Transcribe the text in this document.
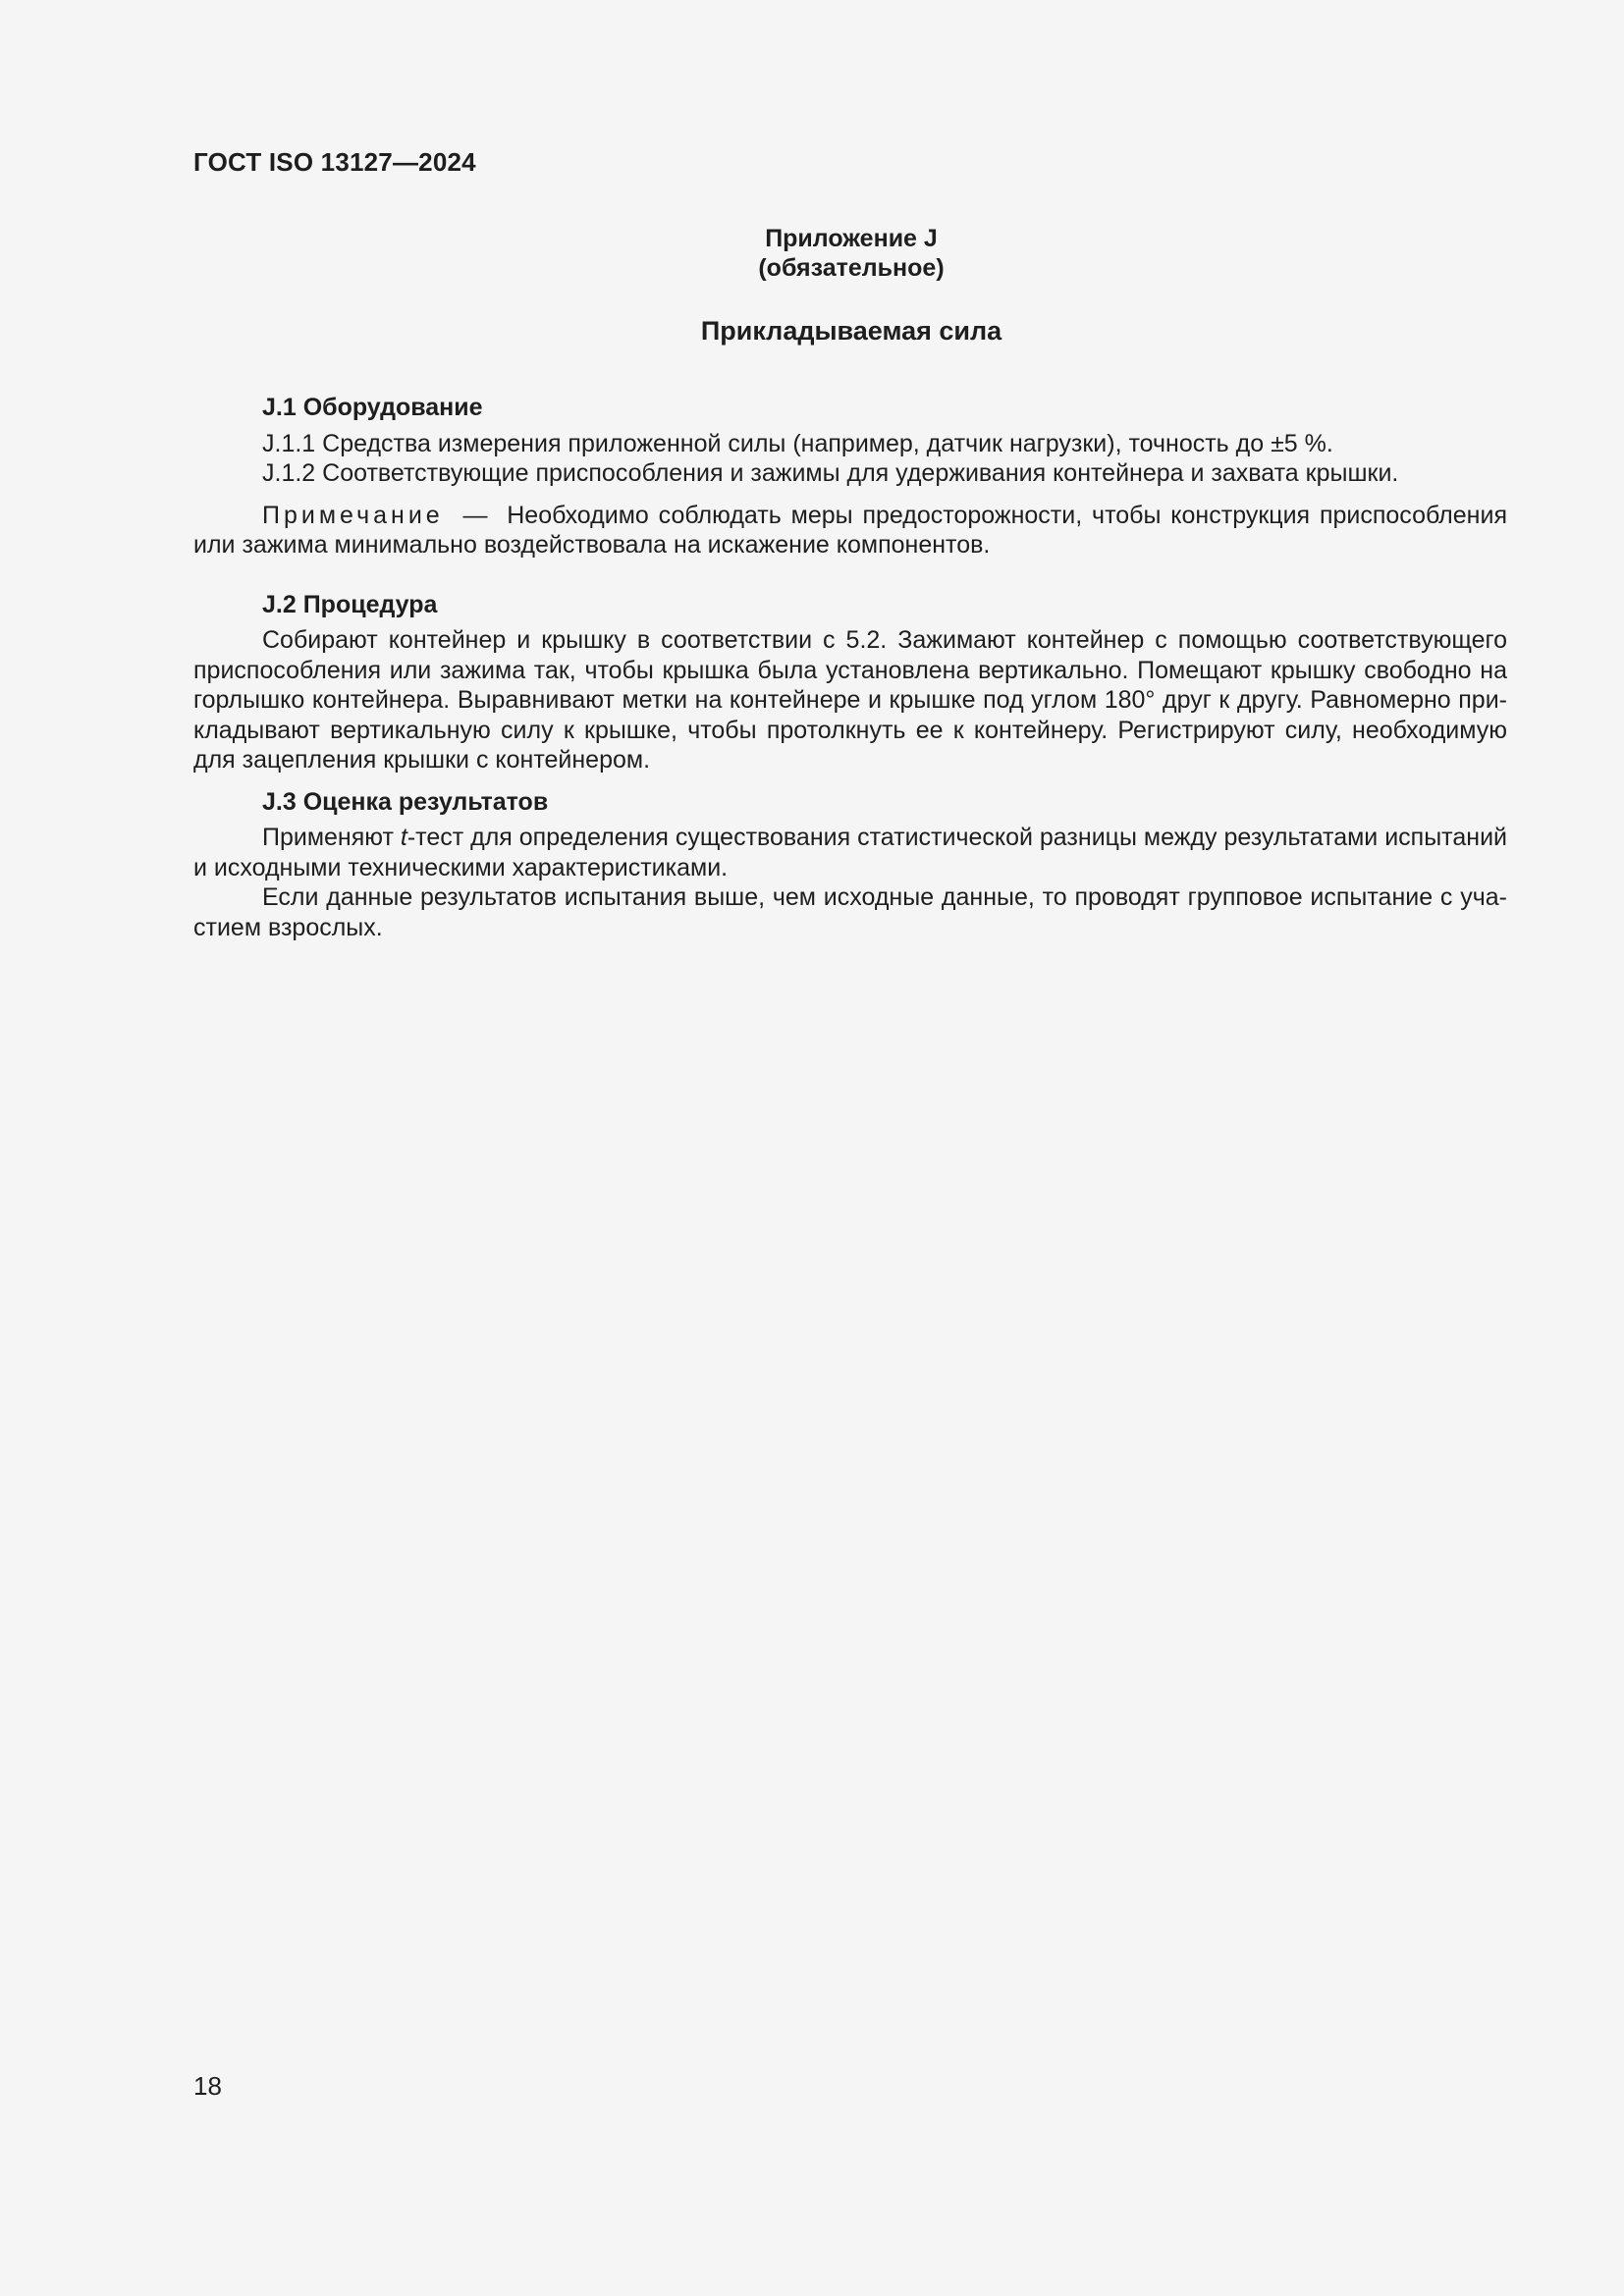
ГОСТ ISO 13127—2024
Приложение J
(обязательное)
Прикладываемая сила

J.1 Оборудование

J.1.1 Средства измерения приложенной силы (например, датчик нагрузки), точность до ±5 %.

J.1.2 Соответствующие приспособления и зажимы для удерживания контейнера и захвата крышки.

Примечание — Необходимо соблюдать меры предосторожности, чтобы конструкция приспособления или зажима минимально воздействовала на искажение компонентов.

J.2 Процедура

Собирают контейнер и крышку в соответствии с 5.2. Зажимают контейнер с помощью соответствующего приспособления или зажима так, чтобы крышка была установлена вертикально. Помещают крышку свободно на горлышко контейнера. Выравнивают метки на контейнере и крышке под углом 180° друг к другу. Равномерно прикладывают вертикальную силу к крышке, чтобы протолкнуть ее к контейнеру. Регистрируют силу, необходимую для зацепления крышки с контейнером.

J.3 Оценка результатов

Применяют t-тест для определения существования статистической разницы между результатами испытаний и исходными техническими характеристиками.

Если данные результатов испытания выше, чем исходные данные, то проводят групповое испытание с участием взрослых.

18
